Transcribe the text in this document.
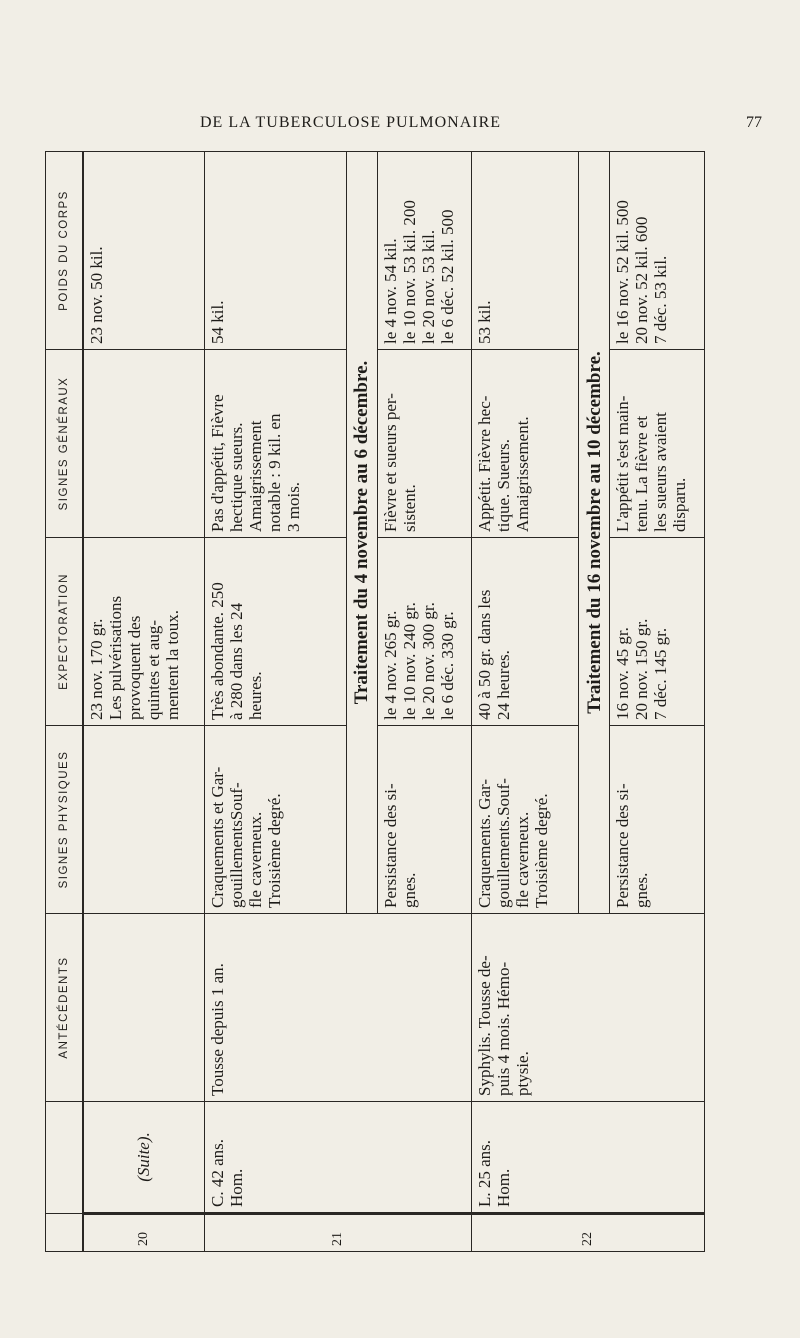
DE LA TUBERCULOSE PULMONAIRE	77
		ANTÉCÉDENTS	SIGNES PHYSIQUES	EXPECTORATION	SIGNES GÉNÉRAUX	POIDS DU CORPS
20	(Suite).			23 nov. 170 gr. Les pulvérisations provoquent des quintes et aug- mentent la toux.		23 nov. 50 kil.

21	C. 42 ans. Hom.	Tousse depuis 1 an.	Craquements et Gar- gouillementsSouf- fle caverneux. Troisième degré.	Très abondante. 250 à 280 dans les 24 heures.	Pas d'appétit, Fièvre hectique sueurs. Amaigrissement notable : 9 kil. en 3 mois.	54 kil.

			Traitement du 4 novembre au 6 décembre.			

			Persistance des si- gnes.	le 4 nov. 265 gr. le 10 nov. 240 gr. le 20 nov. 300 gr. le 6 déc. 330 gr.	Fièvre et sueurs per- sistent.	le 4 nov. 54 kil. le 10 nov. 53 kil. 200 le 20 nov. 53 kil. le 6 déc. 52 kil. 500

22	L. 25 ans. Hom.	Syphylis. Tousse de- puis 4 mois. Hémo- ptysie.	Craquements. Gar- gouillements.Souf- fle caverneux. Troisième degré.	40 à 50 gr. dans les 24 heures.	Appétit. Fièvre hec- tique. Sueurs. Amaigrissement.	53 kil.

			Traitement du 16 novembre au 10 décembre.			

			Persistance des si- gnes.	16 nov. 45 gr. 20 nov. 150 gr. 7 déc. 145 gr.	L'appétit s'est main- tenu. La fièvre et les sueurs avaient disparu.	le 16 nov. 52 kil. 500 20 nov. 52 kil. 600 7 déc. 53 kil.
